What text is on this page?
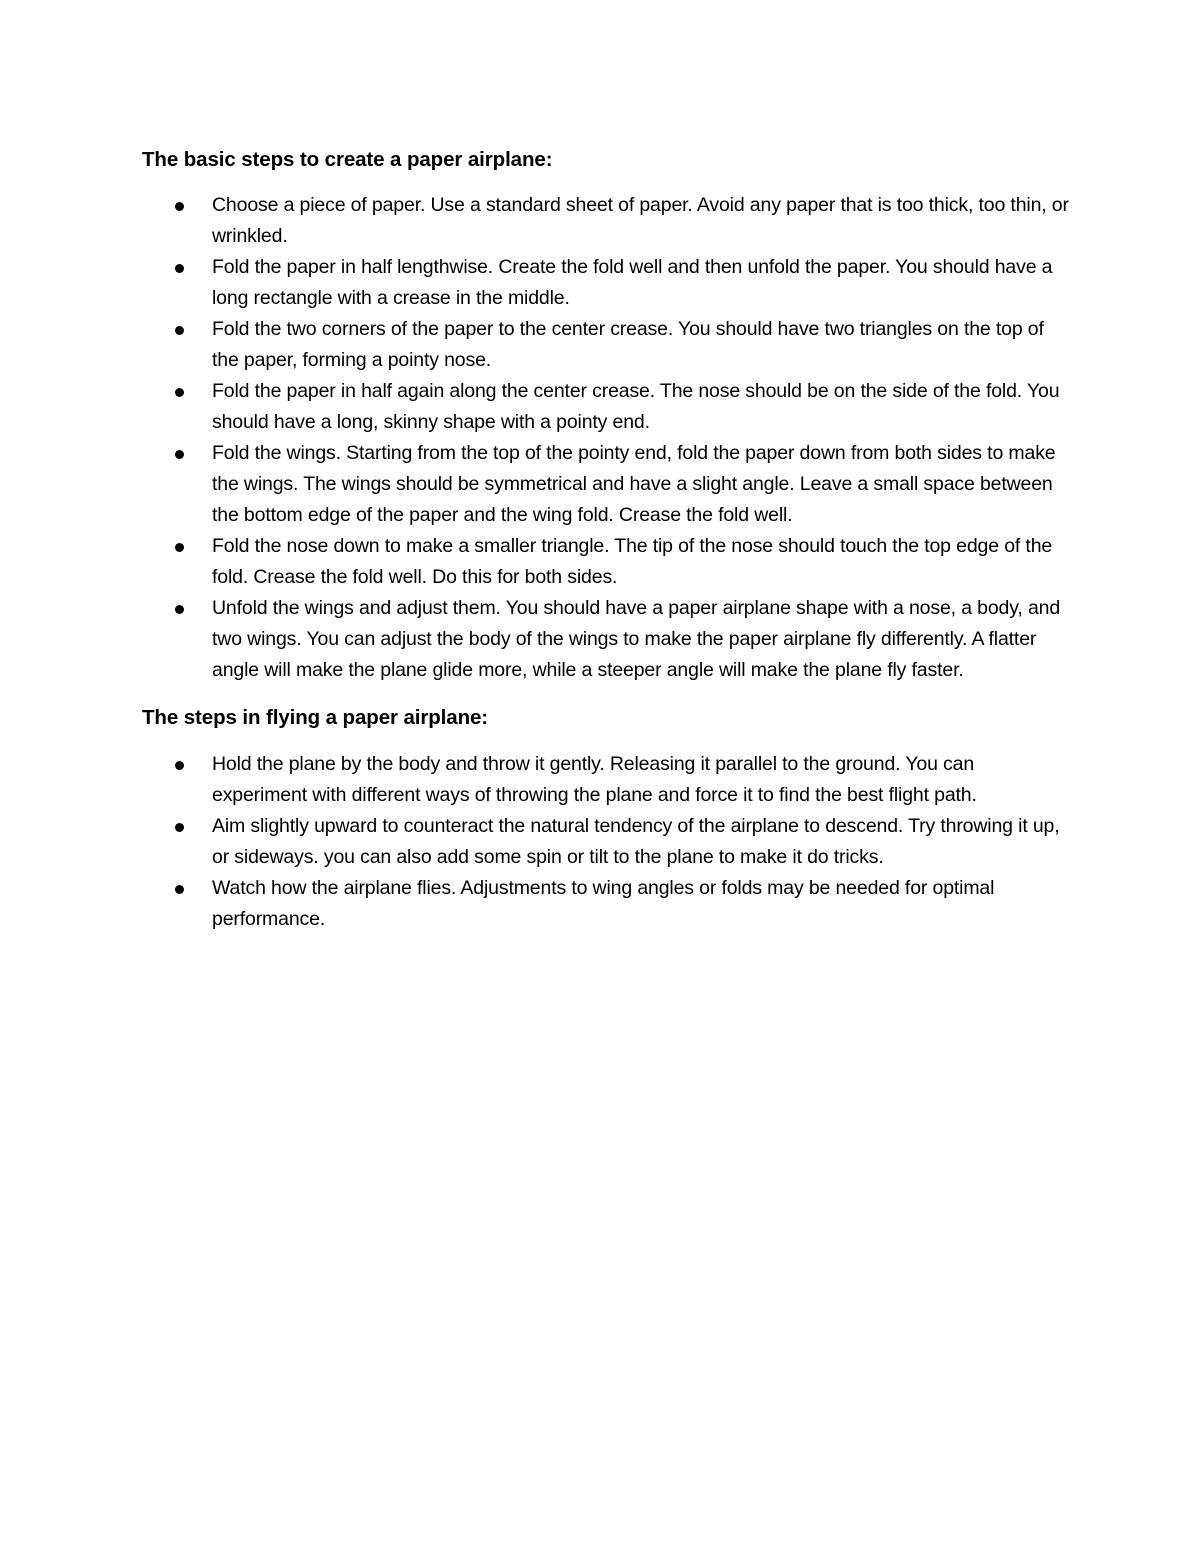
The basic steps to create a paper airplane:
Choose a piece of paper. Use a standard sheet of paper. Avoid any paper that is too thick, too thin, or wrinkled.
Fold the paper in half lengthwise. Create the fold well and then unfold the paper. You should have a long rectangle with a crease in the middle.
Fold the two corners of the paper to the center crease. You should have two triangles on the top of the paper, forming a pointy nose.
Fold the paper in half again along the center crease. The nose should be on the side of the fold. You should have a long, skinny shape with a pointy end.
Fold the wings. Starting from the top of the pointy end, fold the paper down from both sides to make the wings. The wings should be symmetrical and have a slight angle. Leave a small space between the bottom edge of the paper and the wing fold. Crease the fold well.
Fold the nose down to make a smaller triangle. The tip of the nose should touch the top edge of the fold. Crease the fold well. Do this for both sides.
Unfold the wings and adjust them. You should have a paper airplane shape with a nose, a body, and two wings. You can adjust the body of the wings to make the paper airplane fly differently. A flatter angle will make the plane glide more, while a steeper angle will make the plane fly faster.
The steps in flying a paper airplane:
Hold the plane by the body and throw it gently. Releasing it parallel to the ground. You can experiment with different ways of throwing the plane and force it to find the best flight path.
Aim slightly upward to counteract the natural tendency of the airplane to descend. Try throwing it up, or sideways. you can also add some spin or tilt to the plane to make it do tricks.
Watch how the airplane flies. Adjustments to wing angles or folds may be needed for optimal performance.
